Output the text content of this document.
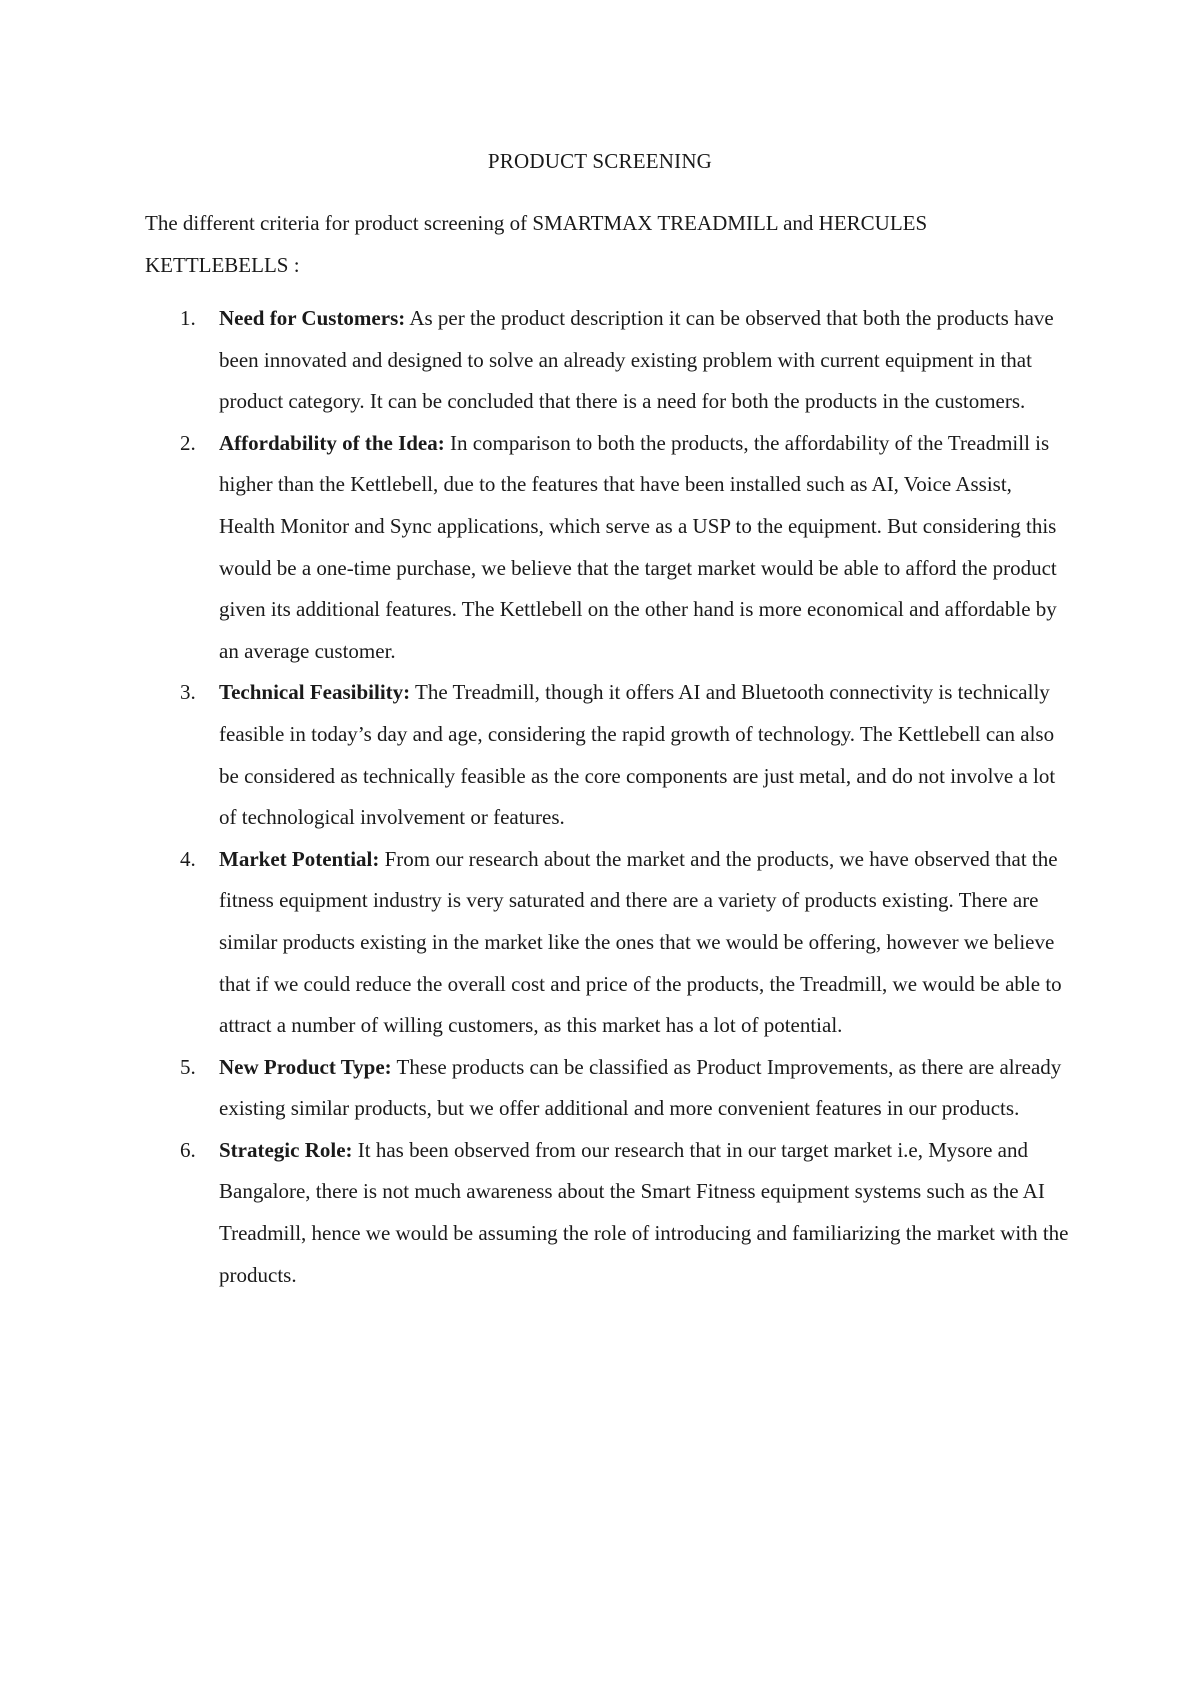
PRODUCT SCREENING
The different criteria for product screening of SMARTMAX TREADMILL and HERCULES KETTLEBELLS :
1. Need for Customers: As per the product description it can be observed that both the products have been innovated and designed to solve an already existing problem with current equipment in that product category. It can be concluded that there is a need for both the products in the customers.
2. Affordability of the Idea: In comparison to both the products, the affordability of the Treadmill is higher than the Kettlebell, due to the features that have been installed such as AI, Voice Assist, Health Monitor and Sync applications, which serve as a USP to the equipment. But considering this would be a one-time purchase, we believe that the target market would be able to afford the product given its additional features. The Kettlebell on the other hand is more economical and affordable by an average customer.
3. Technical Feasibility: The Treadmill, though it offers AI and Bluetooth connectivity is technically feasible in today’s day and age, considering the rapid growth of technology. The Kettlebell can also be considered as technically feasible as the core components are just metal, and do not involve a lot of technological involvement or features.
4. Market Potential: From our research about the market and the products, we have observed that the fitness equipment industry is very saturated and there are a variety of products existing. There are similar products existing in the market like the ones that we would be offering, however we believe that if we could reduce the overall cost and price of the products, the Treadmill, we would be able to attract a number of willing customers, as this market has a lot of potential.
5. New Product Type: These products can be classified as Product Improvements, as there are already existing similar products, but we offer additional and more convenient features in our products.
6. Strategic Role: It has been observed from our research that in our target market i.e, Mysore and Bangalore, there is not much awareness about the Smart Fitness equipment systems such as the AI Treadmill, hence we would be assuming the role of introducing and familiarizing the market with the products.
